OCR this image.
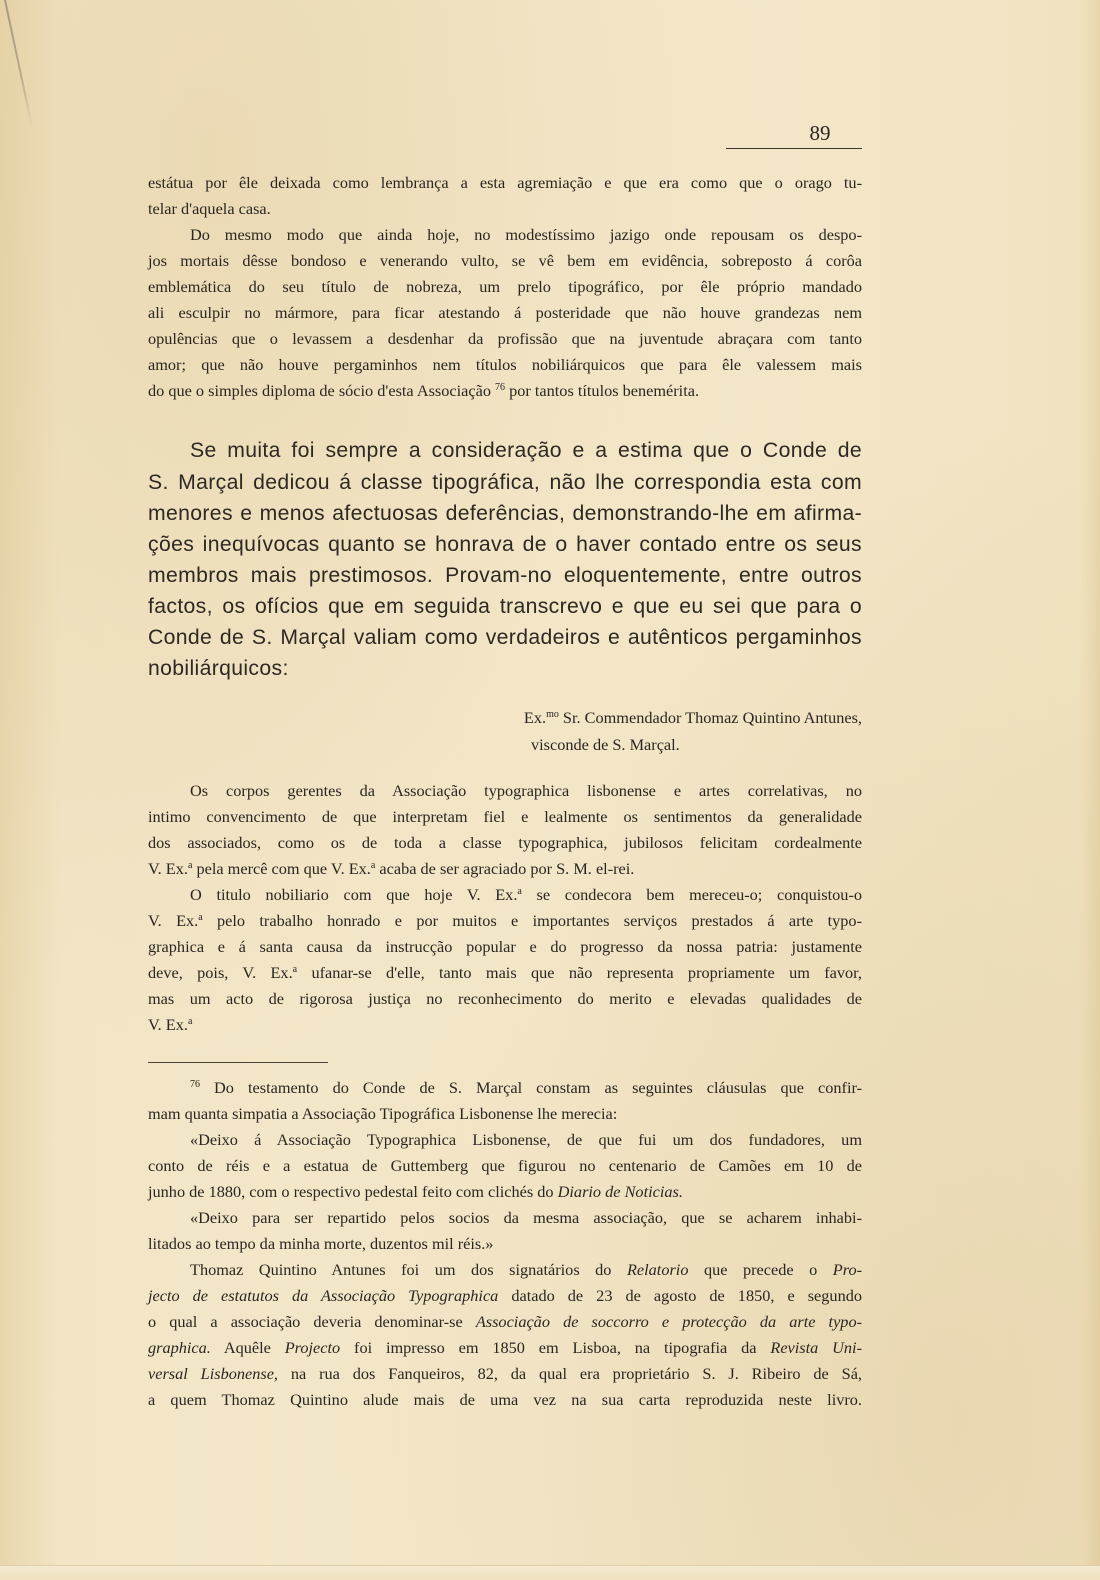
89
estátua por êle deixada como lembrança a esta agremiação e que era como que o orago tu-
telar d'aquela casa.
Do mesmo modo que ainda hoje, no modestíssimo jazigo onde repousam os despo-
jos mortais dêsse bondoso e venerando vulto, se vê bem em evidência, sobreposto á corôa
emblemática do seu título de nobreza, um prelo tipográfico, por êle próprio mandado
ali esculpir no mármore, para ficar atestando á posteridade que não houve grandezas nem
opulências que o levassem a desdenhar da profissão que na juventude abraçara com tanto
amor; que não houve pergaminhos nem títulos nobiliárquicos que para êle valessem mais
do que o simples diploma de sócio d'esta Associação $^{76}$ por tantos títulos benemérita.
Se muita foi sempre a consideração e a estima que o Conde de
S. Marçal dedicou á classe tipográfica, não lhe correspondia esta com
menores e menos afectuosas deferências, demonstrando-lhe em afirma-
ções inequívocas quanto se honrava de o haver contado entre os seus
membros mais prestimosos. Provam-no eloquentemente, entre outros
factos, os ofícios que em seguida transcrevo e que eu sei que para o
Conde de S. Marçal valiam como verdadeiros e autênticos pergaminhos
nobiliárquicos:
Ex.$^{mo}$ Sr. Commendador Thomaz Quintino Antunes,
visconde de S. Marçal.
Os corpos gerentes da Associação typographica lisbonense e artes correlativas, no
intimo convencimento de que interpretam fiel e lealmente os sentimentos da generalidade
dos associados, como os de toda a classe typographica, jubilosos felicitam cordealmente
V. Ex.$^a$ pela mercê com que V. Ex.$^a$ acaba de ser agraciado por S. M. el-rei.
O titulo nobiliario com que hoje V. Ex.$^a$ se condecora bem mereceu-o; conquistou-o
V. Ex.$^a$ pelo trabalho honrado e por muitos e importantes serviços prestados á arte typo-
graphica e á santa causa da instrucção popular e do progresso da nossa patria: justamente
deve, pois, V. Ex.$^a$ ufanar-se d'elle, tanto mais que não representa propriamente um favor,
mas um acto de rigorosa justiça no reconhecimento do merito e elevadas qualidades de
V. Ex.$^a$
$^{76}$ Do testamento do Conde de S. Marçal constam as seguintes cláusulas que confir-
mam quanta simpatia a Associação Tipográfica Lisbonense lhe merecia:
«Deixo á Associação Typographica Lisbonense, de que fui um dos fundadores, um
conto de réis e a estatua de Guttemberg que figurou no centenario de Camões em 10 de
junho de 1880, com o respectivo pedestal feito com clichés do Diario de Noticias.
«Deixo para ser repartido pelos socios da mesma associação, que se acharem inhabi-
litados ao tempo da minha morte, duzentos mil réis.»
Thomaz Quintino Antunes foi um dos signatários do Relatorio que precede o Pro-
jecto de estatutos da Associação Typographica datado de 23 de agosto de 1850, e segundo
o qual a associação deveria denominar-se Associação de soccorro e protecção da arte typo-
graphica. Aquêle Projecto foi impresso em 1850 em Lisboa, na tipografia da Revista Uni-
versal Lisbonense, na rua dos Fanqueiros, 82, da qual era proprietário S. J. Ribeiro de Sá,
a quem Thomaz Quintino alude mais de uma vez na sua carta reproduzida neste livro.
